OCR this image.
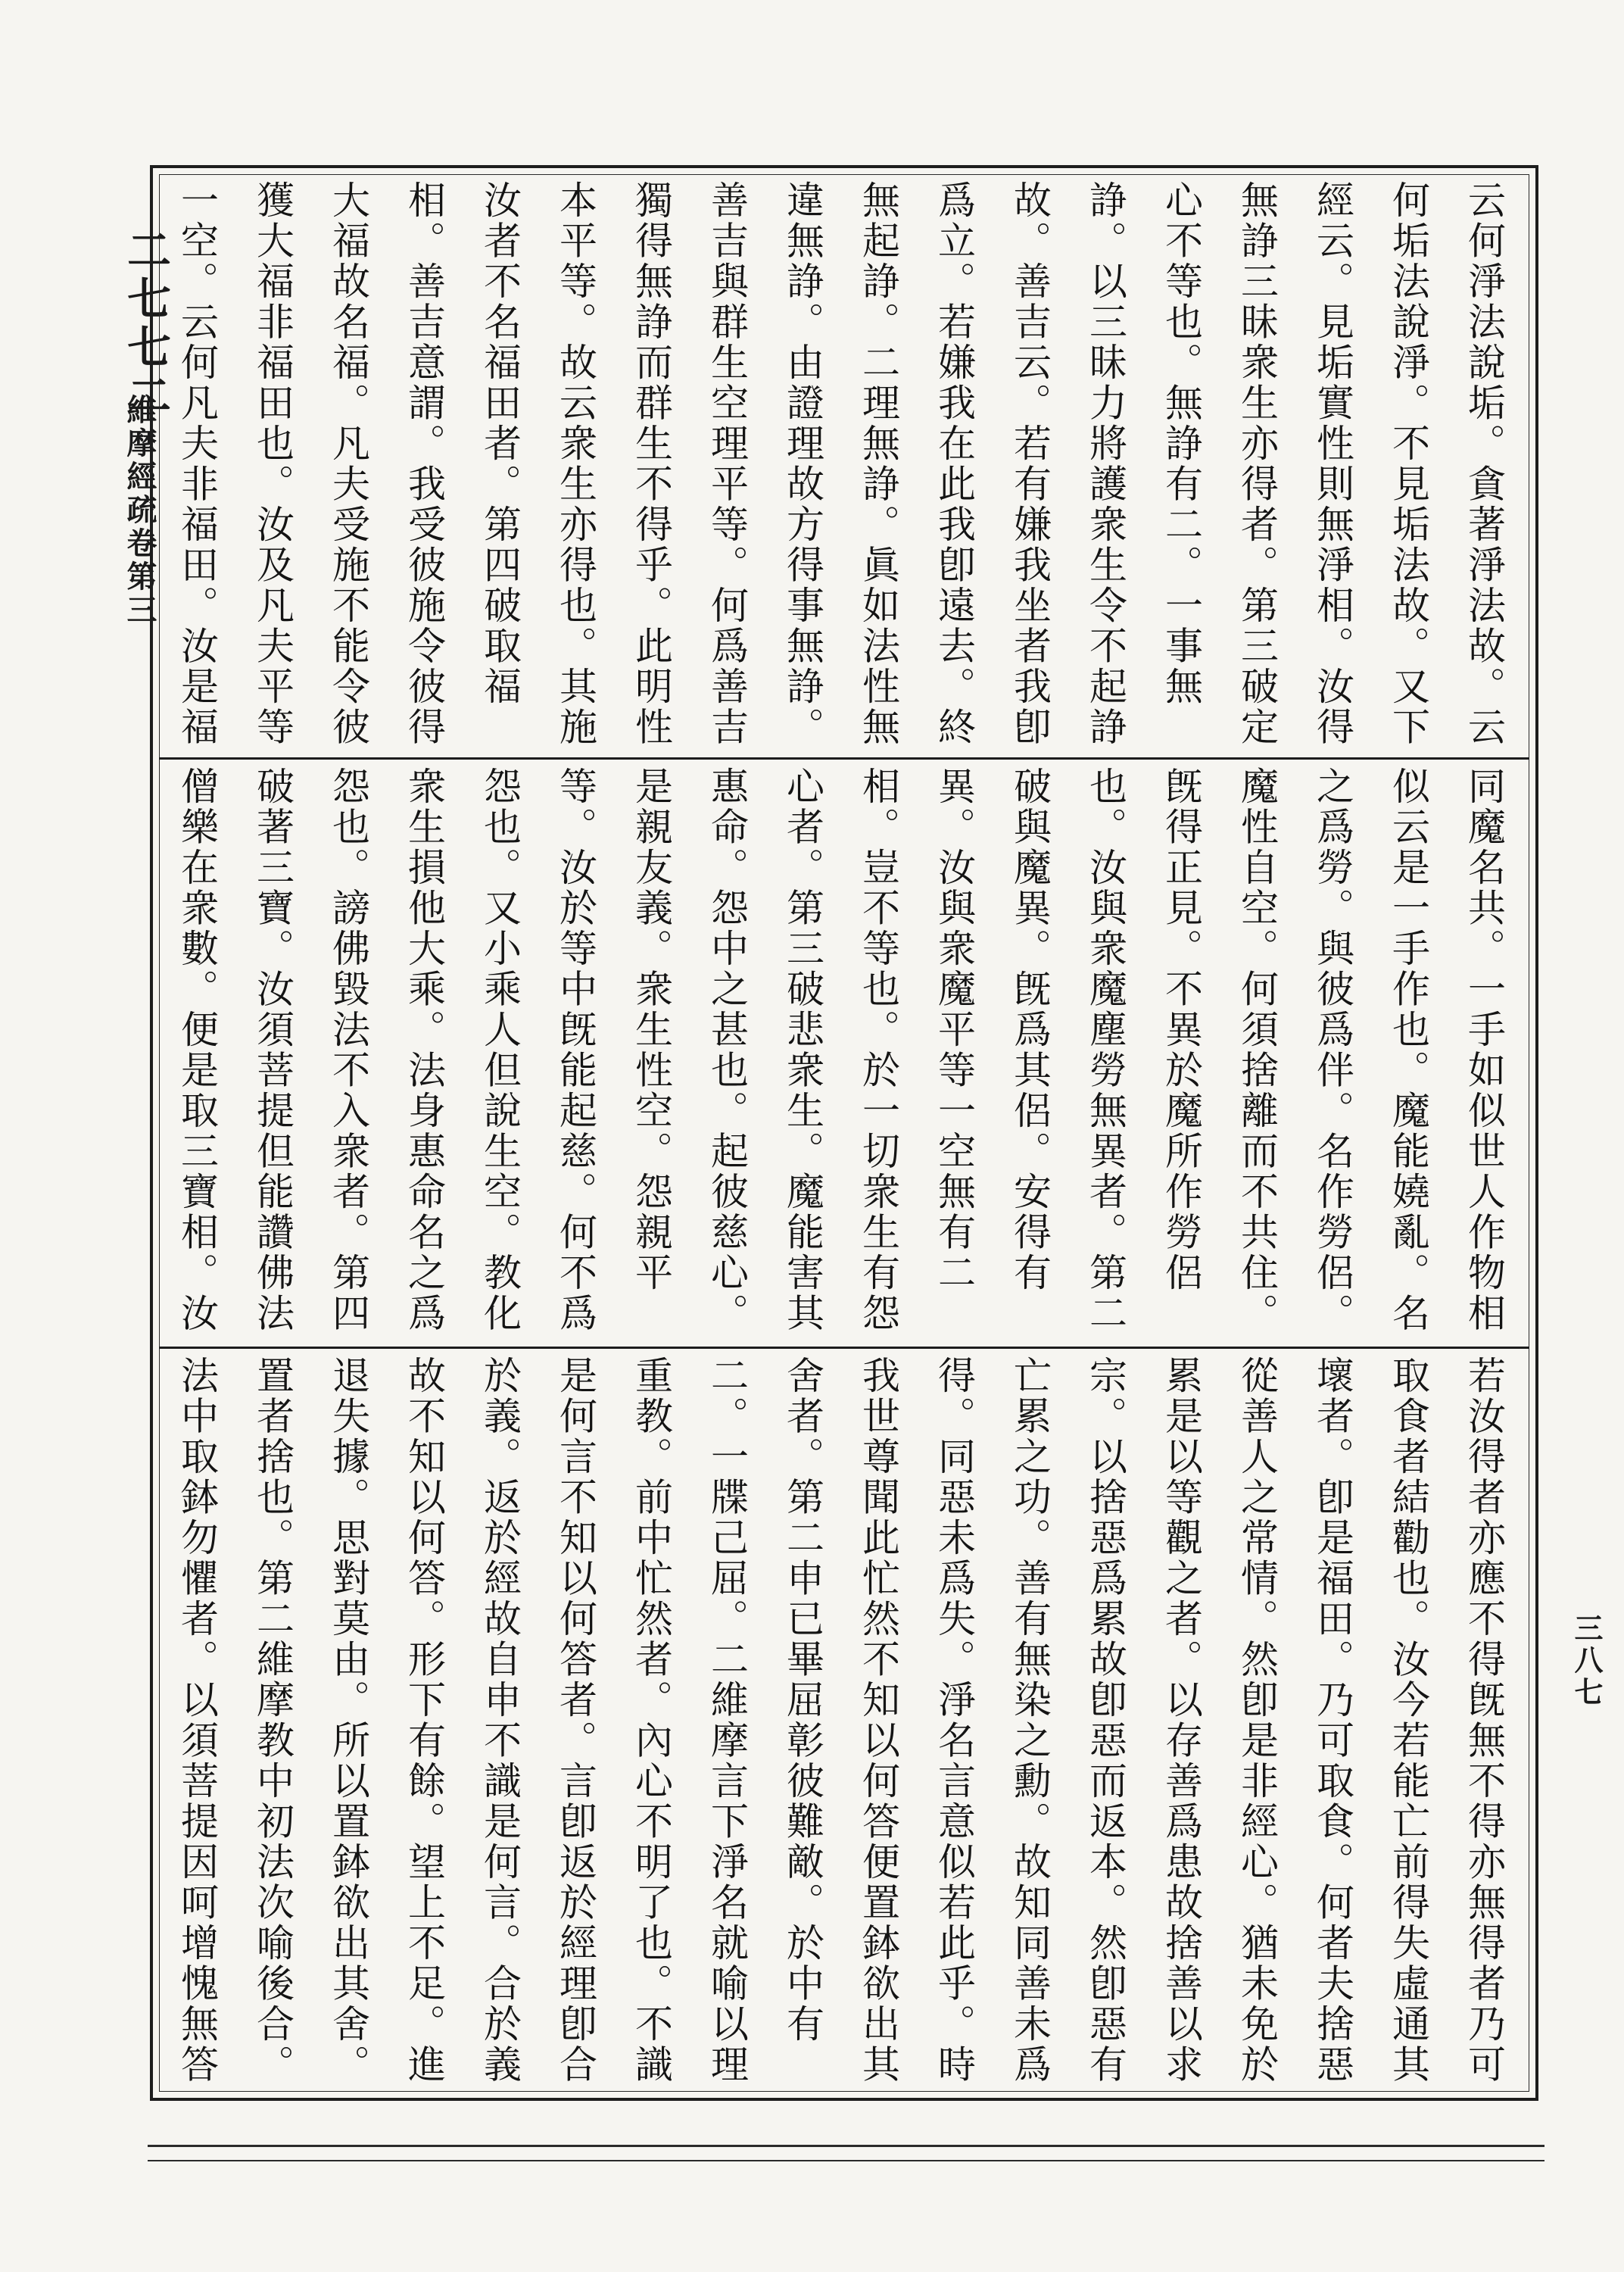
二七七二
維摩經疏卷第三
三八七
云何淨法說垢。貪著淨法故。云何垢法說淨。不見垢法故。又下經云。見垢實性則無淨相。汝得無諍三昧衆生亦得者。第三破定心不等也。無諍有二。一事無諍。以三昧力將護衆生令不起諍故。善吉云。若有嫌我坐者我卽爲立。若嫌我在此我卽遠去。終無起諍。二理無諍。眞如法性無違無諍。由證理故方得事無諍。善吉與群生空理平等。何爲善吉獨得無諍而群生不得乎。此明性本平等。故云衆生亦得也。其施汝者不名福田者。第四破取福相。善吉意謂。我受彼施令彼得大福故名福。凡夫受施不能令彼獲大福非福田也。汝及凡夫平等一空。云何凡夫非福田。汝是福
同魔名共。一手如似世人作物相似云是一手作也。魔能嬈亂。名之爲勞。與彼爲伴。名作勞侶。魔性自空。何須捨離而不共住。旣得正見。不異於魔所作勞侶也。汝與衆魔塵勞無異者。第二破與魔異。旣爲其侶。安得有異。汝與衆魔平等一空無有二相。豈不等也。於一切衆生有怨心者。第三破悲衆生。魔能害其惠命。怨中之甚也。起彼慈心。是親友義。衆生性空。怨親平等。汝於等中旣能起慈。何不爲怨也。又小乘人但說生空。教化衆生損他大乘。法身惠命名之爲怨也。謗佛毀法不入衆者。第四破著三寶。汝須菩提但能讚佛法僧樂在衆數。便是取三寶相。汝
若汝得者亦應不得旣無不得亦無得者乃可取食者結勸也。汝今若能亡前得失虛通其壞者。卽是福田。乃可取食。何者夫捨惡從善人之常情。然卽是非經心。猶未免於累是以等觀之者。以存善爲患故捨善以求宗。以捨惡爲累故卽惡而返本。然卽惡有亡累之功。善有無染之勳。故知同善未爲得。同惡未爲失。淨名言意似若此乎。時我世尊聞此忙然不知以何答便置鉢欲出其舍者。第二申已畢屈彰彼難敵。於中有二。一牒己屈。二維摩言下淨名就喻以理重教。前中忙然者。內心不明了也。不識是何言不知以何答者。言卽返於經理卽合於義。返於經故自申不識是何言。合於義故不知以何答。形下有餘。望上不足。進退失據。思對莫由。所以置鉢欲出其舍。置者捨也。第二維摩教中初法次喻後合。法中取鉢勿懼者。以須菩提因呵增愧無答
